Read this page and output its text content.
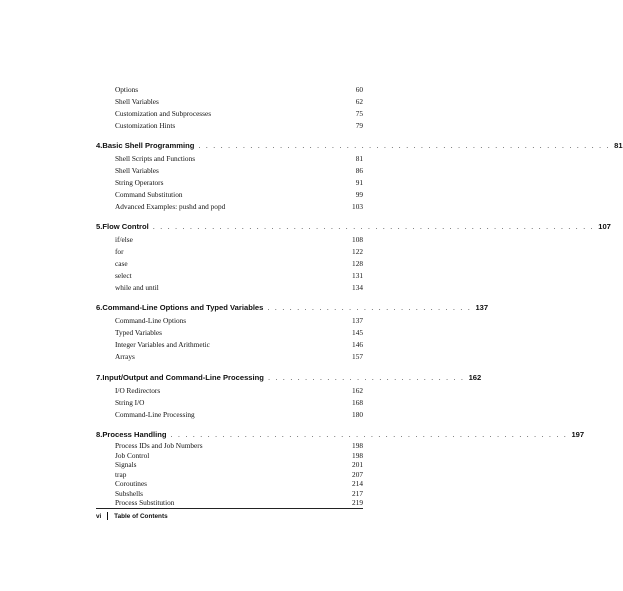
Options	60
Shell Variables	62
Customization and Subprocesses	75
Customization Hints	79
4. Basic Shell Programming . . . . . . . . . . . . . . . . . . . . . . . . . . . . . . . . . . . . . . . . . . . . . . . . . . . . . . . . 81
Shell Scripts and Functions	81
Shell Variables	86
String Operators	91
Command Substitution	99
Advanced Examples: pushd and popd	103
5. Flow Control . . . . . . . . . . . . . . . . . . . . . . . . . . . . . . . . . . . . . . . . . . . . . . . . . . . . . . . . . . . . 107
if/else	108
for	122
case	128
select	131
while and until	134
6. Command-Line Options and Typed Variables . . . . . . . . . . . . . . . . . . . . . . . . . . . . 137
Command-Line Options	137
Typed Variables	145
Integer Variables and Arithmetic	146
Arrays	157
7. Input/Output and Command-Line Processing . . . . . . . . . . . . . . . . . . . . . . . . . . . 162
I/O Redirectors	162
String I/O	168
Command-Line Processing	180
8. Process Handling . . . . . . . . . . . . . . . . . . . . . . . . . . . . . . . . . . . . . . . . . . . . . . . . . . . . . . 197
Process IDs and Job Numbers	198
Job Control	198
Signals	201
trap	207
Coroutines	214
Subshells	217
Process Substitution	219
vi Table of Contents
